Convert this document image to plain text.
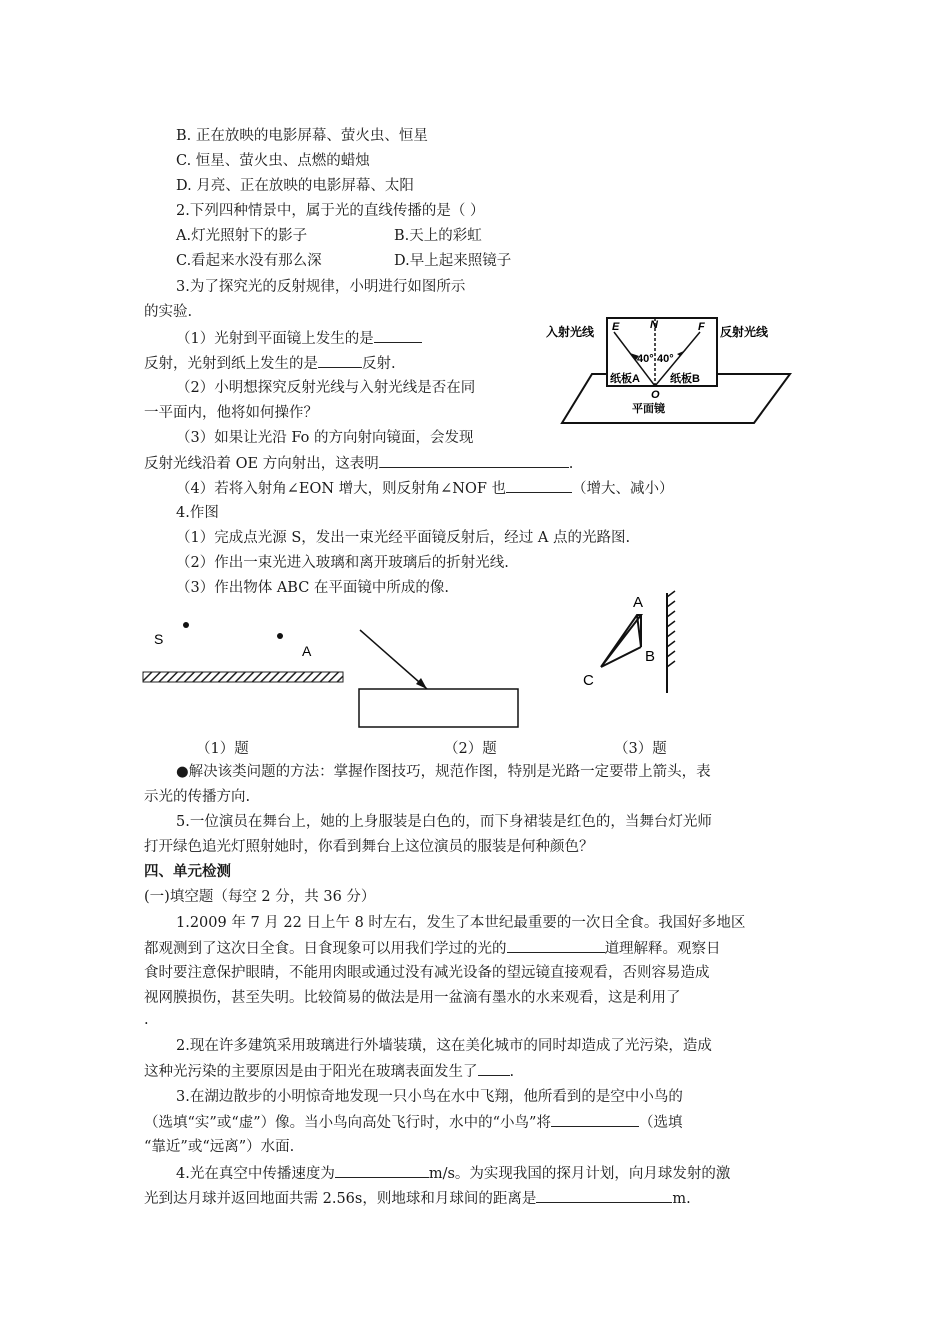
B. 正在放映的电影屏幕、萤火虫、恒星
C. 恒星、萤火虫、点燃的蜡烛
D. 月亮、正在放映的电影屏幕、太阳
2.下列四种情景中，属于光的直线传播的是（ ）
A.灯光照射下的影子	B.天上的彩虹
C.看起来水没有那么深	D.早上起来照镜子
3.为了探究光的反射规律，小明进行如图所示
的实验.
（1）光射到平面镜上发生的是
反射，光射到纸上发生的是	反射.
（2）小明想探究反射光线与入射光线是否在同
一平面内，他将如何操作？
（3）如果让光沿 Fo 的方向射向镜面，会发现
反射光线沿着 OE 方向射出，这表明	.
（4）若将入射角∠EON 增大，则反射角∠NOF 也	（增大、减小）
入射光线	反射光线
E	N	F
O
40° 40°
纸板A	纸板B
平面镜
4.作图
（1）完成点光源 S，发出一束光经平面镜反射后，经过 A 点的光路图.
（2）作出一束光进入玻璃和离开玻璃后的折射光线.
（3）作出物体 ABC 在平面镜中所成的像.
S
A
A
B
C
（1）题	（2）题	（3）题
●解决该类问题的方法：掌握作图技巧，规范作图，特别是光路一定要带上箭头，表
示光的传播方向.
5.一位演员在舞台上，她的上身服装是白色的，而下身裙装是红色的，当舞台灯光师
打开绿色追光灯照射她时，你看到舞台上这位演员的服装是何种颜色？
四、单元检测
(一)填空题（每空 2 分，共 36 分）
1.2009 年 7 月 22 日上午 8 时左右，发生了本世纪最重要的一次日全食。我国好多地区
都观测到了这次日全食。日食现象可以用我们学过的光的	道理解释。观察日
食时要注意保护眼睛，不能用肉眼或通过没有减光设备的望远镜直接观看，否则容易造成
视网膜损伤，甚至失明。比较简易的做法是用一盆滴有墨水的水来观看，这是利用了
.
2.现在许多建筑采用玻璃进行外墙装璜，这在美化城市的同时却造成了光污染，造成
这种光污染的主要原因是由于阳光在玻璃表面发生了 .
3.在湖边散步的小明惊奇地发现一只小鸟在水中飞翔，他所看到的是空中小鸟的
（选填“实”或“虚”）像。当小鸟向高处飞行时，水中的“小鸟”将	（选填
“靠近”或“远离”）水面.
4.光在真空中传播速度为	m/s。为实现我国的探月计划，向月球发射的激
光到达月球并返回地面共需 2.56s，则地球和月球间的距离是	m.
